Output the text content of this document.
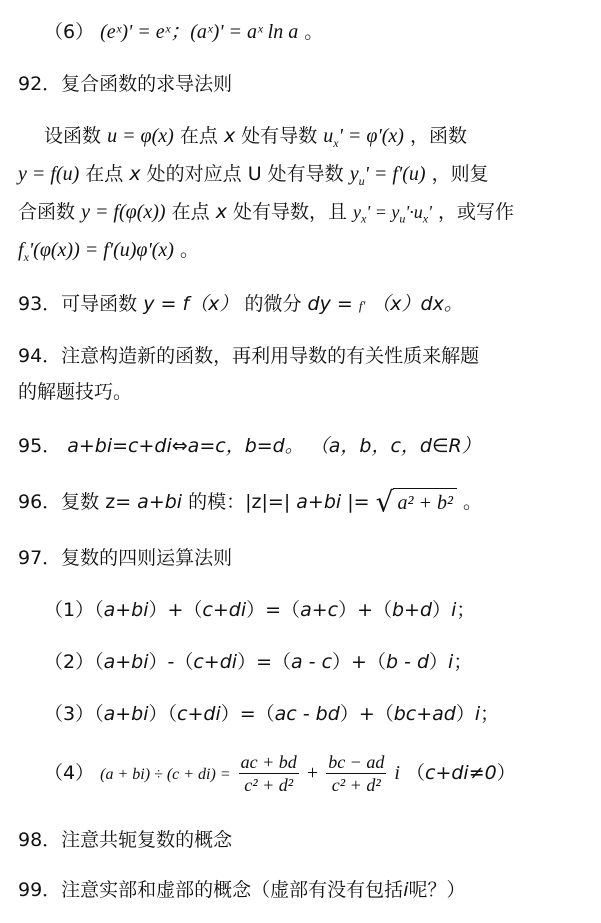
（6） (eˣ)' = eˣ；(aˣ)' = aˣ ln a 。
92．复合函数的求导法则
设函数 u = φ(x) 在点 x 处有导数 $u_x' = \varphi'(x)$ ，函数
y = f(u) 在点 x 处的对应点 U 处有导数 $y_u' = f'(u)$ ，则复
合函数 y = f(φ(x)) 在点 x 处有导数，且 $y_x' = y_u'\cdot u_x'$ ，或写作
$f_x'(\varphi(x)) = f'(u)\varphi'(x)$ 。
93．可导函数 y = f（x） 的微分 dy = f' （x）dx。
94．注意构造新的函数，再利用导数的有关性质来解题
的解题技巧。
95． a+bi=c+di⇔a=c，b=d。 （a，b，c，d∈R）
96．复数 z= a+bi 的模：|z|=| a+bi |= √ a² + b² 。
97．复数的四则运算法则
（1）（a+bi）+（c+di）=（a+c）+（b+d）i；
（2）（a+bi）-（c+di）=（a - c）+（b - d）i；
（3）（a+bi）（c+di）=（ac - bd）+（bc+ad）i；
（4） $(a + bi) \div (c + di) = \frac{ac + bd}{\text{c² + d²}} + \frac{bc - ad}{\text{c² + d²}}$ i （c+di≠0）
98．注意共轭复数的概念
99．注意实部和虚部的概念（虚部有没有包括i呢？）
